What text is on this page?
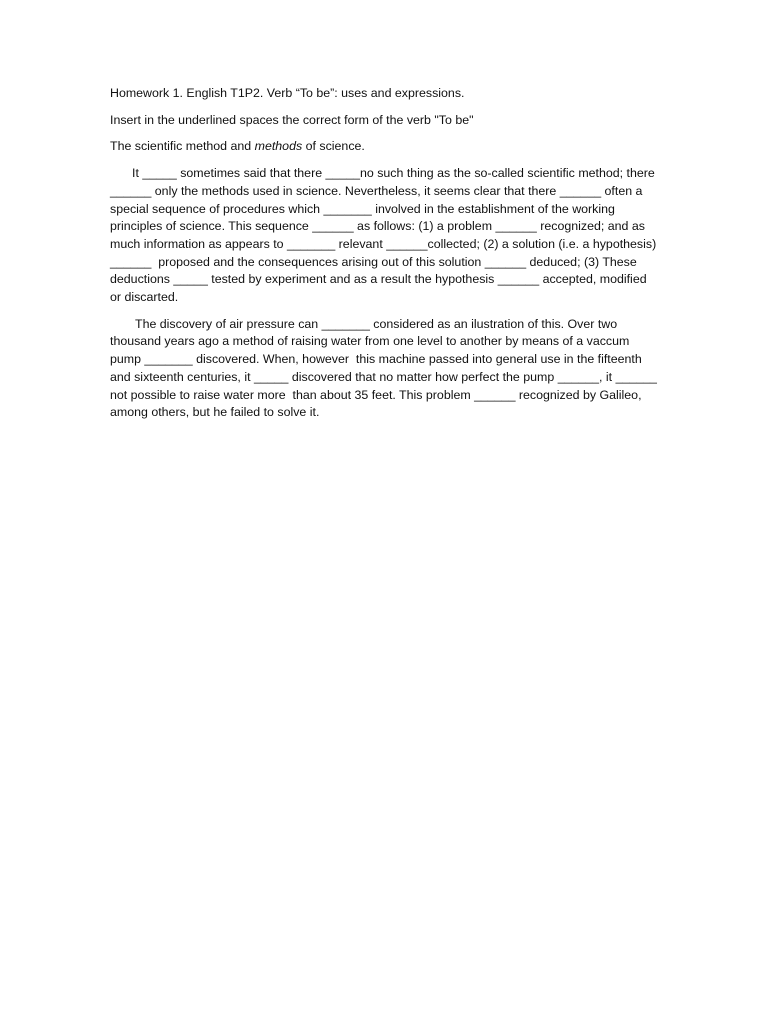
Homework 1. English T1P2. Verb “To be”: uses and expressions.

Insert in the underlined spaces the correct form of the verb "To be"

The scientific method and methods of science.

It _____ sometimes said that there _____no such thing as the so-called scientific method; there ______ only the methods used in science. Nevertheless, it seems clear that there ______ often a special sequence of procedures which _______ involved in the establishment of the working principles of science. This sequence ______ as follows: (1) a problem ______ recognized; and as much information as appears to _______ relevant ______collected; (2) a solution (i.e. a hypothesis) ______  proposed and the consequences arising out of this solution ______ deduced; (3) These deductions _____ tested by experiment and as a result the hypothesis ______ accepted, modified or discarted.

The discovery of air pressure can _______ considered as an ilustration of this. Over two thousand years ago a method of raising water from one level to another by means of a vaccum pump _______ discovered. When, however  this machine passed into general use in the fifteenth and sixteenth centuries, it _____ discovered that no matter how perfect the pump ______, it ______ not possible to raise water more  than about 35 feet. This problem ______ recognized by Galileo, among others, but he failed to solve it.
